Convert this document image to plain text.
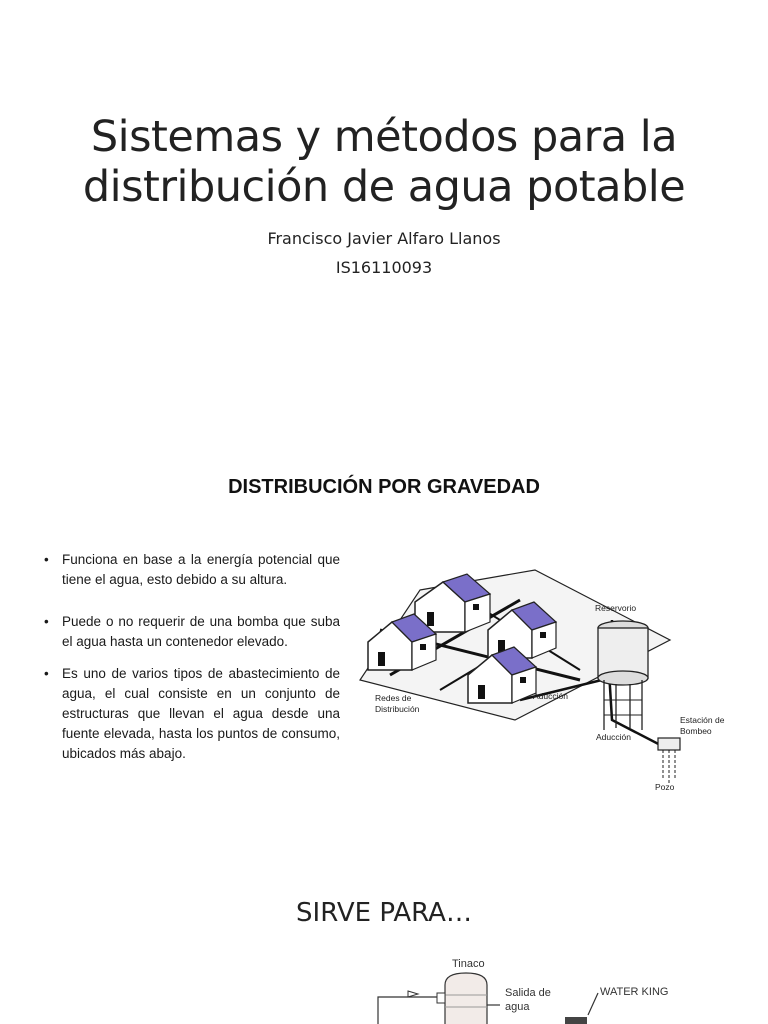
Sistemas y métodos para la
distribución de agua potable
Francisco Javier Alfaro Llanos
IS16110093
DISTRIBUCIÓN POR GRAVEDAD
• Funciona en base a la energía potencial que tiene el agua, esto debido a su altura.
• Puede o no requerir de una bomba que suba el agua hasta un contenedor elevado.
• Es uno de varios tipos de abastecimiento de agua, el cual consiste en un conjunto de estructuras que llevan el agua desde una fuente elevada, hasta los puntos de consumo, ubicados más abajo.
Reservorio
Redes de
Distribución
Aducción
Aducción
Estación de
Bombeo
Pozo
SIRVE PARA…
Tinaco
Salida de
agua
WATER KING
